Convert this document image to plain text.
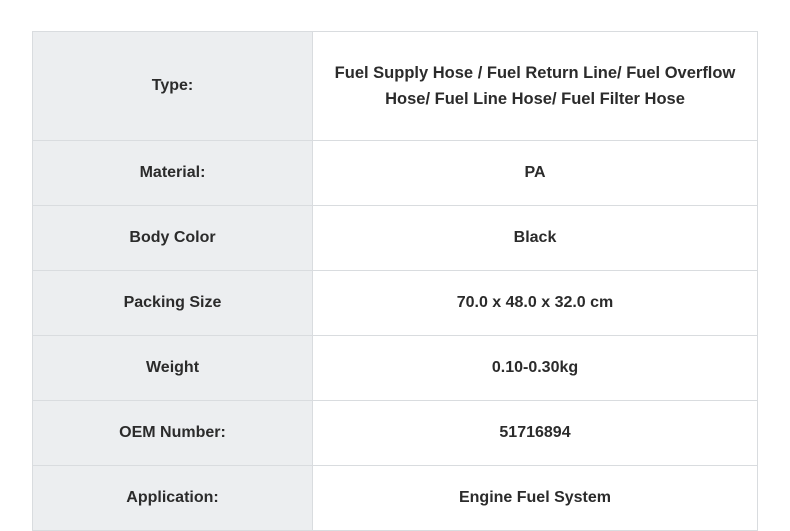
Type:	Fuel Supply Hose / Fuel Return Line/ Fuel Overflow Hose/ Fuel Line Hose/ Fuel Filter Hose
Material:	PA
Body Color	Black
Packing Size	70.0 x 48.0 x 32.0 cm
Weight	0.10-0.30kg
OEM Number:	51716894
Application:	Engine Fuel System
